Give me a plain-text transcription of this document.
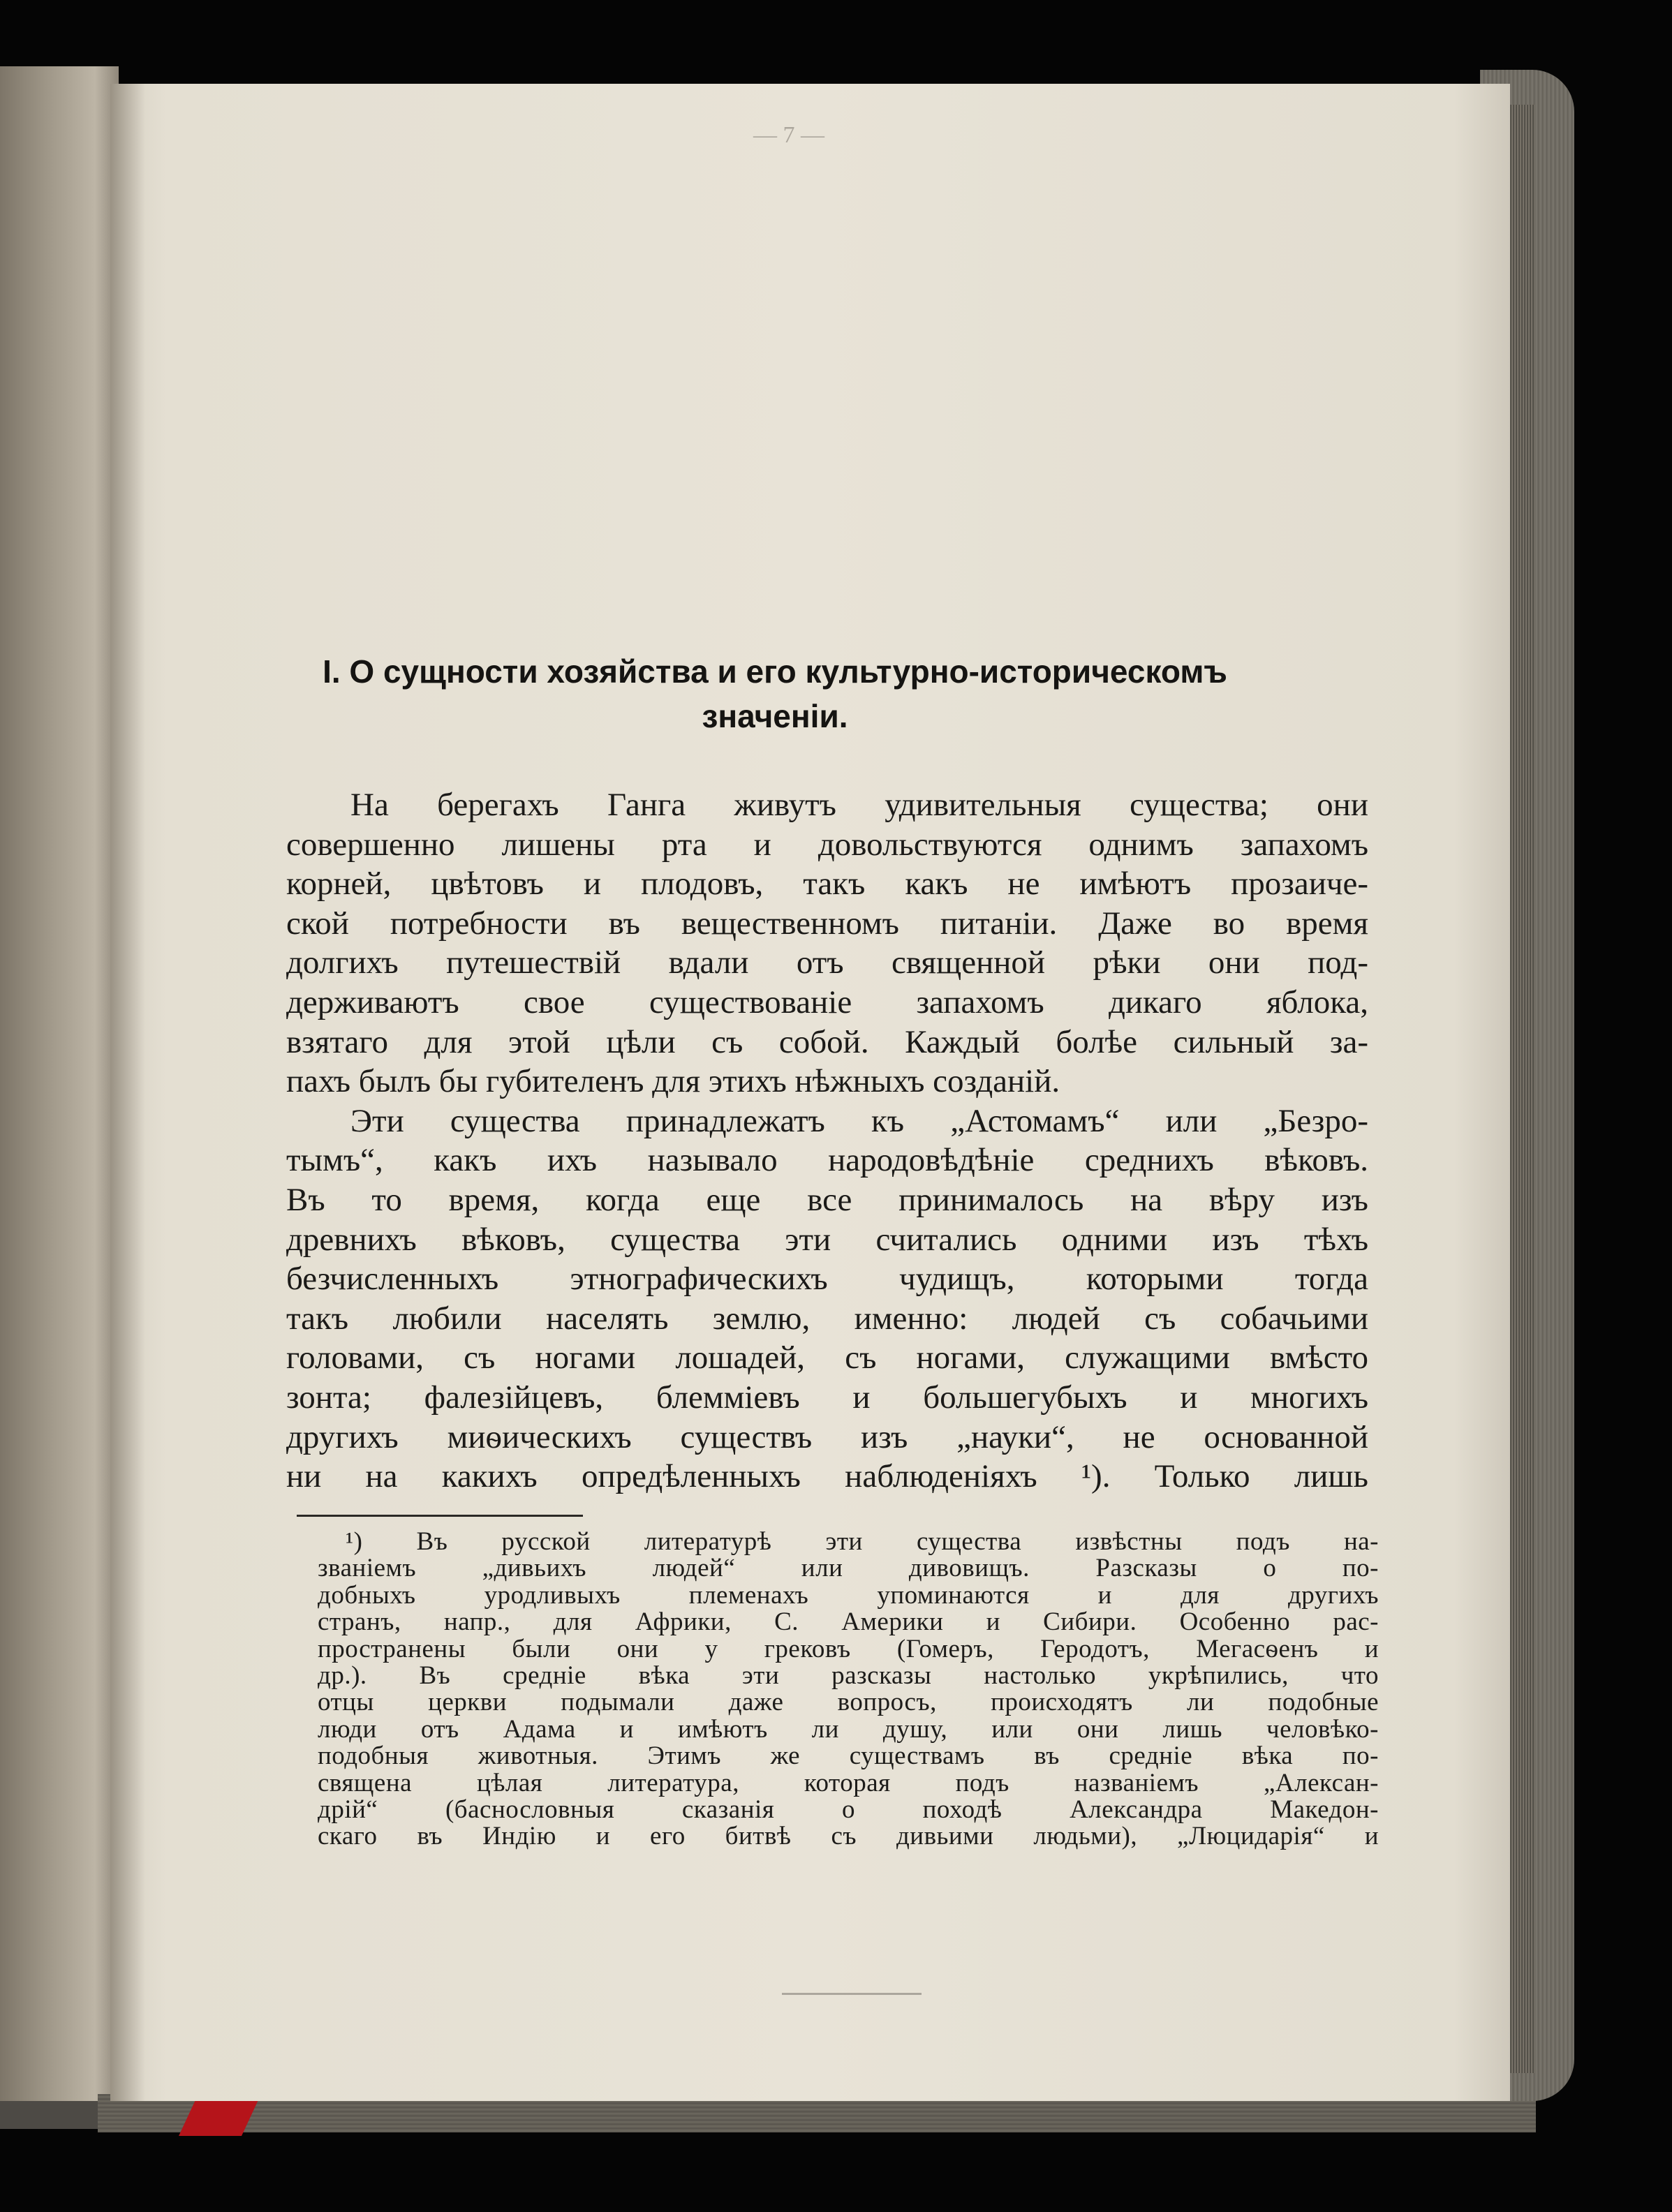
— 7 —
I. О сущности хозяйства и его культурно-историческомъ
значеніи.
На берегахъ Ганга живутъ удивительныя существа; они
совершенно лишены рта и довольствуются однимъ запахомъ
корней, цвѣтовъ и плодовъ, такъ какъ не имѣютъ прозаиче-
ской потребности въ вещественномъ питаніи. Даже во время
долгихъ путешествій вдали отъ священной рѣки они под-
держиваютъ свое существованіе запахомъ дикаго яблока,
взятаго для этой цѣли съ собой. Каждый болѣе сильный за-
пахъ былъ бы губителенъ для этихъ нѣжныхъ созданій.
Эти существа принадлежатъ къ „Астомамъ“ или „Безро-
тымъ“, какъ ихъ называло народовѣдѣніе среднихъ вѣковъ.
Въ то время, когда еще все принималось на вѣру изъ
древнихъ вѣковъ, существа эти считались одними изъ тѣхъ
безчисленныхъ этнографическихъ чудищъ, которыми тогда
такъ любили населять землю, именно: людей съ собачьими
головами, съ ногами лошадей, съ ногами, служащими вмѣсто
зонта; фалезійцевъ, блемміевъ и большегубыхъ и многихъ
другихъ миѳическихъ существъ изъ „науки“, не основанной
ни на какихъ опредѣленныхъ наблюденіяхъ ¹). Только лишь
¹) Въ русской литературѣ эти существа извѣстны подъ на-
званіемъ „дивьихъ людей“ или дивовищъ. Разсказы о по-
добныхъ уродливыхъ племенахъ упоминаются и для другихъ
странъ, напр., для Африки, С. Америки и Сибири. Особенно рас-
пространены были они у грековъ (Гомеръ, Геродотъ, Мегасѳенъ и
др.). Въ средніе вѣка эти разсказы настолько укрѣпились, что
отцы церкви подымали даже вопросъ, происходятъ ли подобные
люди отъ Адама и имѣютъ ли душу, или они лишь человѣко-
подобныя животныя. Этимъ же существамъ въ средніе вѣка по-
священа цѣлая литература, которая подъ названіемъ „Алексан-
дрій“ (баснословныя сказанія о походѣ Александра Македон-
скаго въ Индію и его битвѣ съ дивьими людьми), „Люцидарія“ и
